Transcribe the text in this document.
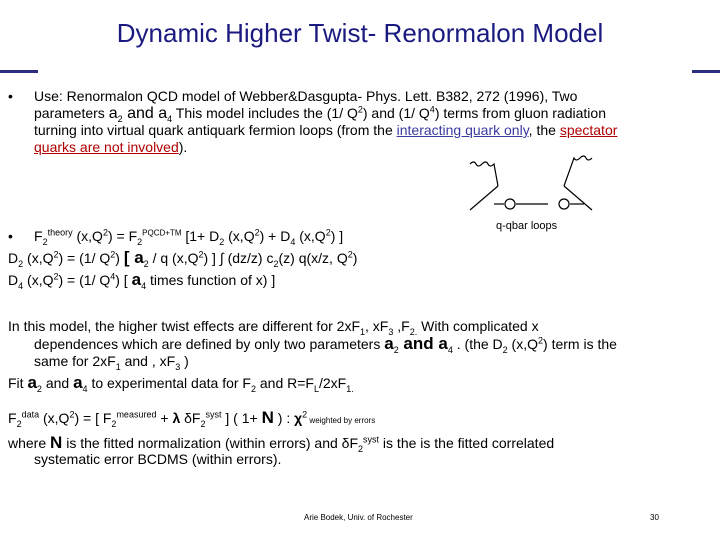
Dynamic Higher Twist- Renormalon Model
• Use: Renormalon QCD model of Webber&Dasgupta- Phys. Lett. B382, 272 (1996), Two
parameters $a_2$ and $a_4$ This model includes the (1/ $Q^2$) and (1/ $Q^4$) terms from gluon radiation
turning into virtual quark antiquark fermion loops (from the interacting quark only, the spectator
quarks are not involved).
q-qbar loops
• $F_2^{theory}$ $(x,Q^2) = F_2^{PQCD+TM}$ [$1+ D_2$ $(x,Q^2) + D_4$ $(x,Q^2)$ ]
$D_2$ $(x,Q^2) = (1/$ $Q^2$) [ $a_2$ / q $(x,Q^2)$ ] ∫ (dz/z) $c_2(z)$ q(x/z, $Q^2$)
$D_4$ $(x,Q^2) = (1/$ $Q^4$) [ $a_4$ times function of x) ]
In this model, the higher twist effects are different for $2xF_1$, $xF_3$ $,F_{2.}$ With complicated x
dependences which are defined by only two parameters $a_2$ and $a_4$ . (the $D_2$ $(x,Q^2)$ term is the
same for $2xF_1$ and , $xF_3$ )
Fit $a_2$ and $a_4$ to experimental data for $F_2$ and $R=F_L/2xF_{1.}$
$F_2^{data}$ $(x,Q^2)$ = [ $F_2^{measured} + \lambda$ $\delta F_2^{syst}$ ] ( 1+ N ) : $\chi^2$ weighted by errors
where N is the fitted normalization (within errors) and $\delta F_2^{syst}$ is the is the fitted correlated
systematic error BCDMS (within errors).
Arie Bodek, Univ. of Rochester	30
